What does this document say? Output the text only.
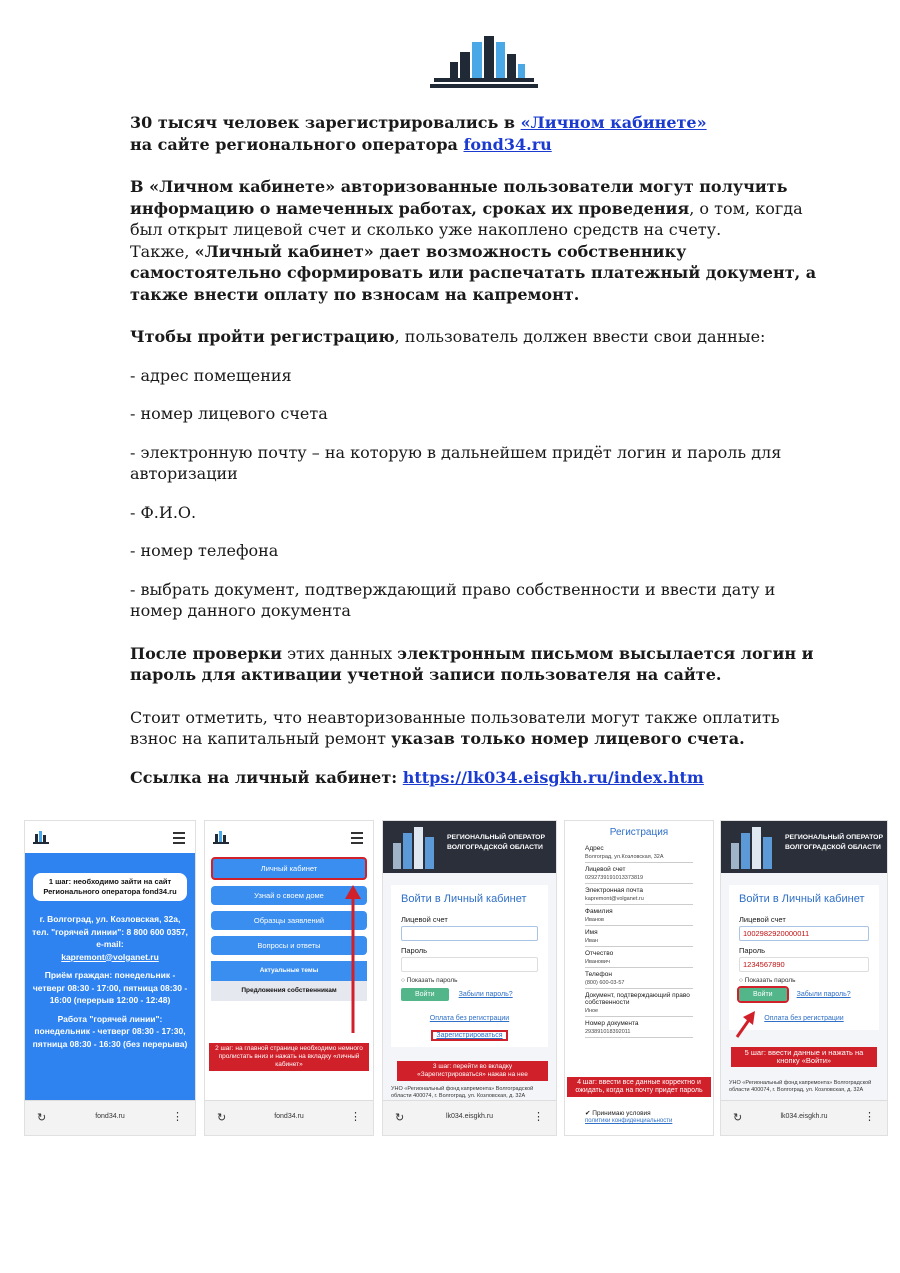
30 тысяч человек зарегистрировались в «Личном кабинете»
на сайте регионального оператора fond34.ru

В «Личном кабинете» авторизованные пользователи могут получить информацию о намеченных работах, сроках их проведения, о том, когда был открыт лицевой счет и сколько уже накоплено средств на счету.
Также, «Личный кабинет» дает возможность собственнику самостоятельно сформировать или распечатать платежный документ, а также внести оплату по взносам на капремонт.

Чтобы пройти регистрацию, пользователь должен ввести свои данные:

- адрес помещения

- номер лицевого счета

- электронную почту – на которую в дальнейшем придёт логин и пароль для авторизации

- Ф.И.О.

- номер телефона

- выбрать документ, подтверждающий право собственности и ввести дату и номер данного документа

После проверки этих данных электронным письмом высылается логин и пароль для активации учетной записи пользователя на сайте.

Стоит отметить, что неавторизованные пользователи могут также оплатить взнос на капитальный ремонт указав только номер лицевого счета.

Ссылка на личный кабинет: https://lk034.eisgkh.ru/index.htm

1 шаг: необходимо зайти на сайт Регионального оператора fond34.ru

г. Волгоград, ул. Козловская, 32а, тел. "горячей линии": 8 800 600 0357, e-mail:
kapremont@volganet.ru

Приём граждан: понедельник - четверг 08:30 - 17:00, пятница 08:30 - 16:00 (перерыв 12:00 - 12:48)

Работа "горячей линии": понедельник - четверг 08:30 - 17:30, пятница 08:30 - 16:30 (без перерыва)

↻	fond34.ru	⋮
Личный кабинет
Узнай о своем доме
Образцы заявлений
Вопросы и ответы
Актуальные темы
Предложения собственникам
2 шаг: на главной странице необходимо немного пролистать вниз и нажать на вкладку «личный кабинет»
↻	fond34.ru	⋮
РЕГИОНАЛЬНЫЙ ОПЕРАТОР ВОЛГОГРАДСКОЙ ОБЛАСТИ
Войти в Личный кабинет
Лицевой счет
Пароль
○ Показать пароль
Войти	Забыли пароль?
Оплата без регистрации
Зарегистрироваться
3 шаг: перейти во вкладку «Зарегистрироваться» нажав на нее
УНО «Региональный фонд капремонта» Волгоградской области 400074, г. Волгоград, ул. Козловская, д. 32А
↻	lk034.eisgkh.ru	⋮
Регистрация
Адрес
Волгоград, ул.Козловская, 32А
Лицевой счет
0292739191013373819
Электронная почта
kapremont@volganet.ru
Фамилия
Иванов
Имя
Иван
Отчество
Иванович
Телефон
(800) 600-03-57
Документ, подтверждающий право собственности
Иное
Номер документа
293891018392011
4 шаг: ввести все данные корректно и ожидать, когда на почту придет пароль
✔ Принимаю условия
политики конфиденциальности
РЕГИОНАЛЬНЫЙ ОПЕРАТОР ВОЛГОГРАДСКОЙ ОБЛАСТИ
Войти в Личный кабинет
Лицевой счет
1002982920000011
Пароль
1234567890
○ Показать пароль
Войти	Забыли пароль?
Оплата без регистрации
5 шаг: ввести данные и нажать на кнопку «Войти»
УНО «Региональный фонд капремонта» Волгоградской области 400074, г. Волгоград, ул. Козловская, д. 32А
↻	lk034.eisgkh.ru	⋮
